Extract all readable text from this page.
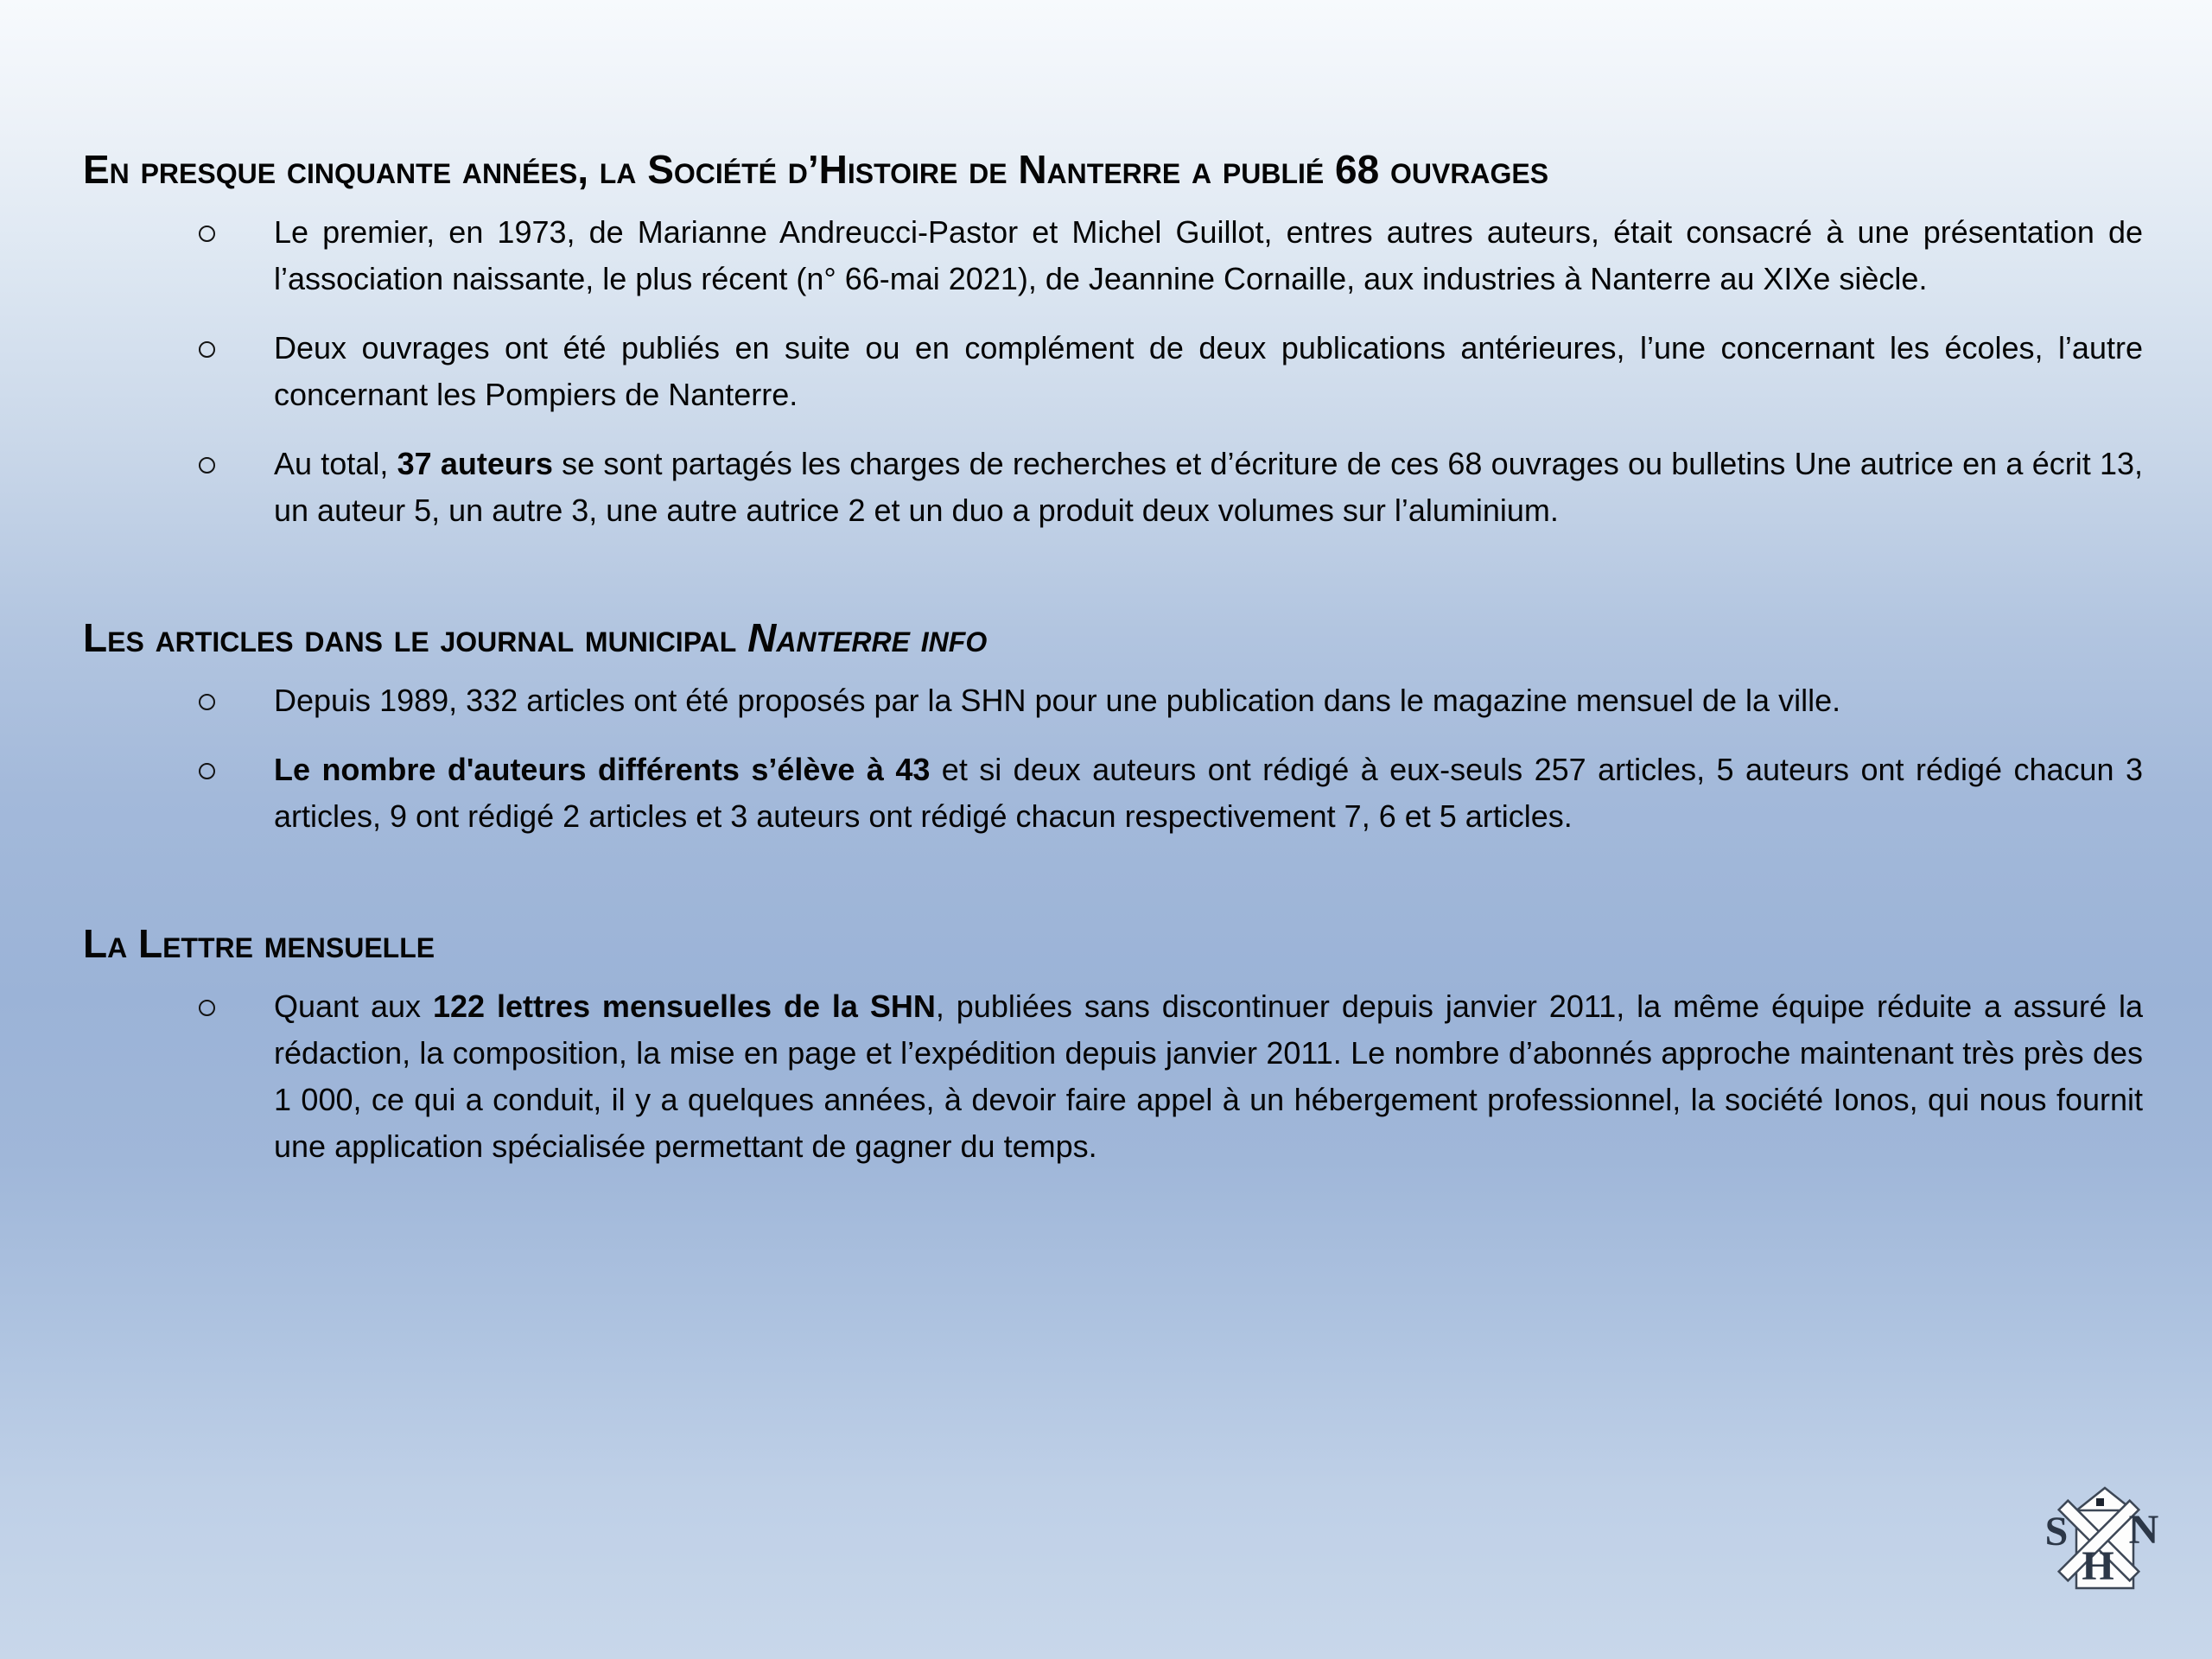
En presque cinquante années, la Société d’Histoire de Nanterre a publié 68 ouvrages

Le premier, en 1973, de Marianne Andreucci-Pastor et Michel Guillot, entres autres auteurs, était consacré à une présentation de l’association naissante, le plus récent (n° 66-mai 2021), de Jeannine Cornaille, aux industries à Nanterre au XIXe siècle.

Deux ouvrages ont été publiés en suite ou en complément de deux publications antérieures, l’une concernant les écoles, l’autre concernant les Pompiers de Nanterre.

Au total, 37 auteurs se sont partagés les charges de recherches et d’écriture de ces 68 ouvrages ou bulletins Une autrice en a écrit 13, un auteur 5, un autre 3, une autre autrice 2 et un duo a produit deux volumes sur l’aluminium.

Les articles dans le journal municipal Nanterre info

Depuis 1989, 332 articles ont été proposés par la SHN pour une publication dans le magazine mensuel de la ville.

Le nombre d'auteurs différents s’élève à 43 et si deux auteurs ont rédigé à eux-seuls 257 articles, 5 auteurs ont rédigé chacun 3 articles, 9 ont rédigé 2 articles et 3 auteurs ont rédigé chacun respectivement 7, 6 et 5 articles.

La Lettre mensuelle

Quant aux 122 lettres mensuelles de la SHN, publiées sans discontinuer depuis janvier 2011, la même équipe réduite a assuré la rédaction, la composition, la mise en page et l’expédition depuis janvier 2011. Le nombre d’abonnés approche maintenant très près des 1 000, ce qui a conduit, il y a quelques années, à devoir faire appel à un hébergement professionnel, la société Ionos, qui nous fournit une application spécialisée permettant de gagner du temps.

S N
H
